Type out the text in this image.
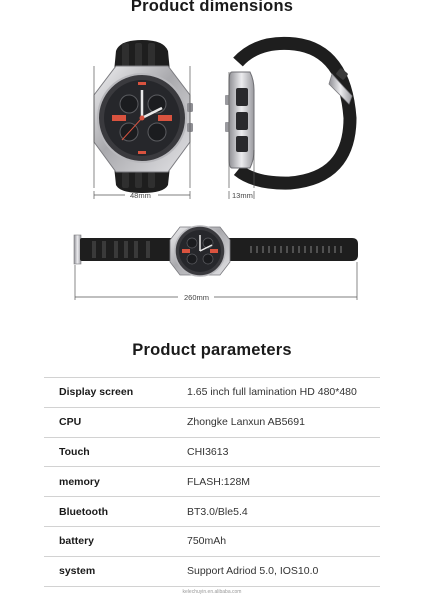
Product dimensions
48mm	13mm
260mm
Product parameters
Display screen	1.65 inch full lamination HD 480*480
CPU	Zhongke Lanxun AB5691
Touch	CHI3613
memory	FLASH:128M
Bluetooth	BT3.0/Ble5.4
battery	750mAh
system	Support Adriod 5.0, IOS10.0
kelechuyin.en.alibaba.com
